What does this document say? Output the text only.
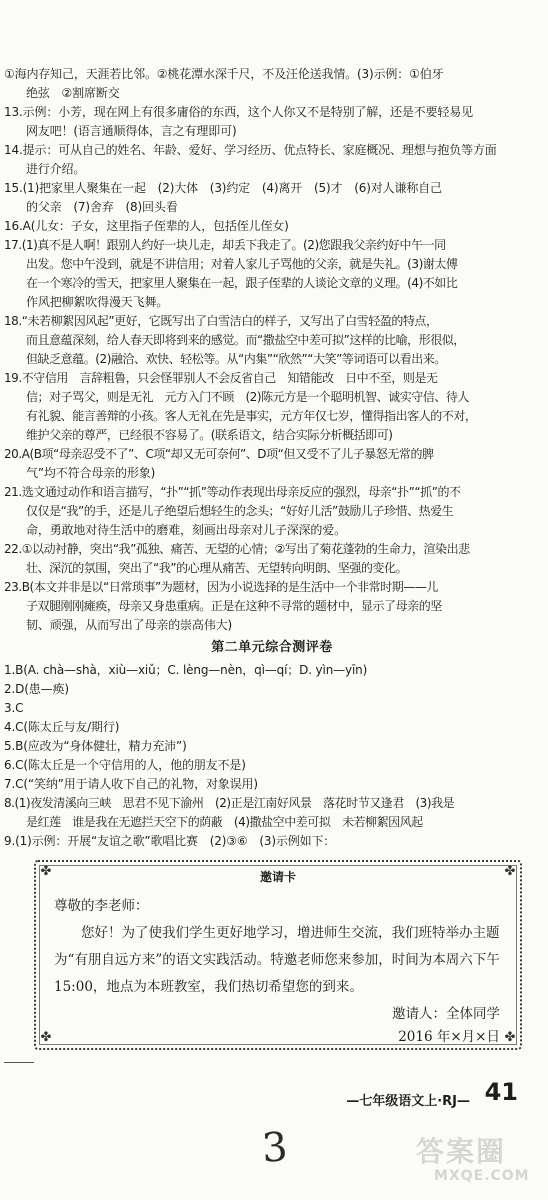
①海内存知己，天涯若比邻。②桃花潭水深千尺，不及汪伦送我情。(3)示例：①伯牙
绝弦　②割席断交
13.示例：小芳，现在网上有很多庸俗的东西，这个人你又不是特别了解，还是不要轻易见
网友吧！(语言通顺得体，言之有理即可)
14.提示：可从自己的姓名、年龄、爱好、学习经历、优点特长、家庭概况、理想与抱负等方面
进行介绍。
15.(1)把家里人聚集在一起　(2)大体　(3)约定　(4)离开　(5)才　(6)对人谦称自己
的父亲　(7)舍弃　(8)回头看
16.A(儿女：子女，这里指子侄辈的人，包括侄儿侄女)
17.(1)真不是人啊！跟别人约好一块儿走，却丢下我走了。(2)您跟我父亲约好中午一同
出发。您中午没到，就是不讲信用；对着人家儿子骂他的父亲，就是失礼。(3)谢太傅
在一个寒冷的雪天，把家里人聚集在一起，跟子侄辈的人谈论文章的义理。(4)不如比
作风把柳絮吹得漫天飞舞。
18.“未若柳絮因风起”更好，它既写出了白雪洁白的样子，又写出了白雪轻盈的特点，
而且意蕴深刻，给人春天即将到来的感觉。而“撒盐空中差可拟”这样的比喻，形很似，
但缺乏意蕴。(2)融洽、欢快、轻松等。从“内集”“欣然”“大笑”等词语可以看出来。
19.不守信用　言辞粗鲁，只会怪罪别人不会反省自己　知错能改　日中不至，则是无
信；对子骂父，则是无礼　元方入门不顾　(2)陈元方是一个聪明机智、诚实守信、待人
有礼貌、能言善辩的小孩。客人无礼在先是事实，元方年仅七岁，懂得指出客人的不对，
维护父亲的尊严，已经很不容易了。(联系语文，结合实际分析概括即可)
20.A(B项“母亲忍受不了”、C项“却又无可奈何”、D项“但又受不了儿子暴怒无常的脾
气”均不符合母亲的形象)
21.选文通过动作和语言描写，“扑”“抓”等动作表现出母亲反应的强烈，母亲“扑”“抓”的不
仅仅是“我”的手，还是儿子绝望后想轻生的念头；“好好儿活”鼓励儿子珍惜、热爱生
命，勇敢地对待生活中的磨难，刻画出母亲对儿子深深的爱。
22.①以动衬静，突出“我”孤独、痛苦、无望的心情；②写出了菊花蓬勃的生命力，渲染出悲
壮、深沉的氛围，突出了“我”的心理从痛苦、无望转向明朗、坚强的变化。
23.B(本文并非是以“日常琐事”为题材，因为小说选择的是生活中一个非常时期——儿
子双腿刚刚瘫痪，母亲又身患重病。正是在这种不寻常的题材中，显示了母亲的坚
韧、顽强，从而写出了母亲的崇高伟大)
第二单元综合测评卷
1.B(A. chà—shà，xiù—xiǔ；C. lèng—nèn，qì—qí；D. yìn—yīn)
2.D(患—痪)
3.C
4.C(陈太丘与友/期行)
5.B(应改为“身体健壮，精力充沛”)
6.C(陈太丘是一个守信用的人，他的朋友不是)
7.C(“笑纳”用于请人收下自己的礼物，对象误用)
8.(1)夜发清溪向三峡　思君不见下渝州　(2)正是江南好风景　落花时节又逢君　(3)我是
是红莲　谁是我在无遮拦天空下的荫蔽　(4)撒盐空中差可拟　未若柳絮因风起
9.(1)示例：开展“友谊之歌”歌唱比赛　(2)③⑥　(3)示例如下：
✤	✤
✤	✤
邀请卡
尊敬的李老师：

您好！为了使我们学生更好地学习，增进师生交流，我们班特举办主题为“有朋自远方来”的语文实践活动。特邀老师您来参加，时间为本周六下午15:00，地点为本班教室，我们热切希望您的到来。

邀请人：全体同学
2016 年×月×日
—七年级语文上·RJ— 41
3	答案圈
MXQE.COM
